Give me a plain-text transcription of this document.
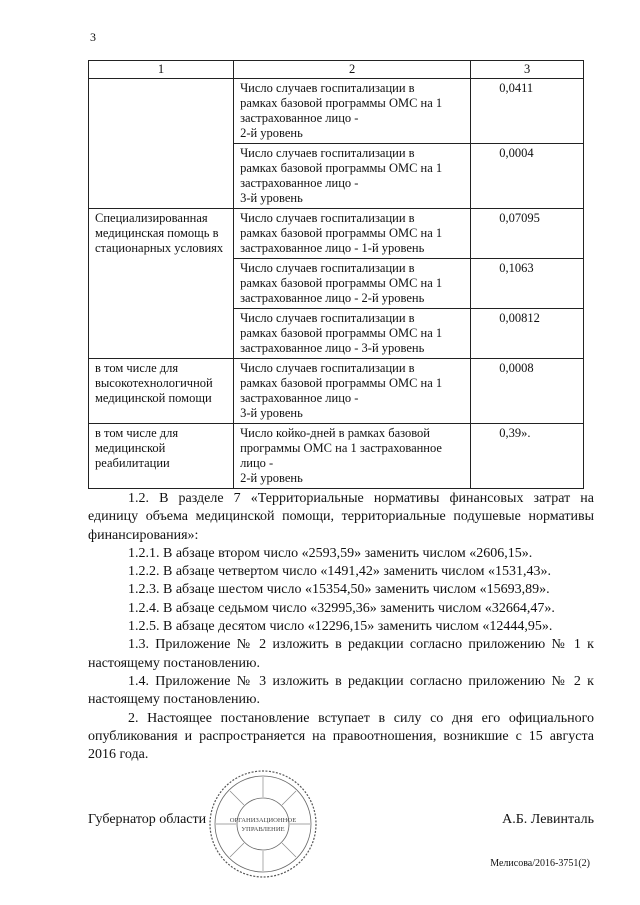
3
1	2	3

	Число случаев госпитализации в
рамках базовой программы ОМС на 1
застрахованное лицо -
2-й уровень	0,0411

	Число случаев госпитализации в
рамках базовой программы ОМС на 1
застрахованное лицо -
3-й уровень	0,0004

Специализированная
медицинская помощь в
стационарных условиях	Число случаев госпитализации в
рамках базовой программы ОМС на 1
застрахованное лицо - 1-й уровень	0,07095

	Число случаев госпитализации в
рамках базовой программы ОМС на 1
застрахованное лицо - 2-й уровень	0,1063

	Число случаев госпитализации в
рамках базовой программы ОМС на 1
застрахованное лицо - 3-й уровень	0,00812

в том числе для
высокотехнологичной
медицинской помощи	Число случаев госпитализации в
рамках базовой программы ОМС на 1
застрахованное лицо -
3-й уровень	0,0008

в том числе для
медицинской
реабилитации	Число койко-дней в рамках базовой
программы ОМС на 1 застрахованное
лицо -
2-й уровень	0,39».

1.2. В разделе 7 «Территориальные нормативы финансовых затрат на единицу объема медицинской помощи, территориальные подушевые нормативы финансирования»:

1.2.1. В абзаце втором число «2593,59» заменить числом «2606,15».

1.2.2. В абзаце четвертом число «1491,42» заменить числом «1531,43».

1.2.3. В абзаце шестом число «15354,50» заменить числом «15693,89».

1.2.4. В абзаце седьмом число «32995,36» заменить числом «32664,47».

1.2.5. В абзаце десятом число «12296,15» заменить числом «12444,95».

1.3. Приложение № 2 изложить в редакции согласно приложению № 1 к настоящему постановлению.

1.4. Приложение № 3 изложить в редакции согласно приложению № 2 к настоящему постановлению.

2. Настоящее постановление вступает в силу со дня его официального опубликования и распространяется на правоотношения, возникшие с 15 августа 2016 года.

Губернатор области	А.Б. Левинталь
ОРГАНИЗАЦИОННОЕ
УПРАВЛЕНИЕ
Мелисова/2016-3751(2)
